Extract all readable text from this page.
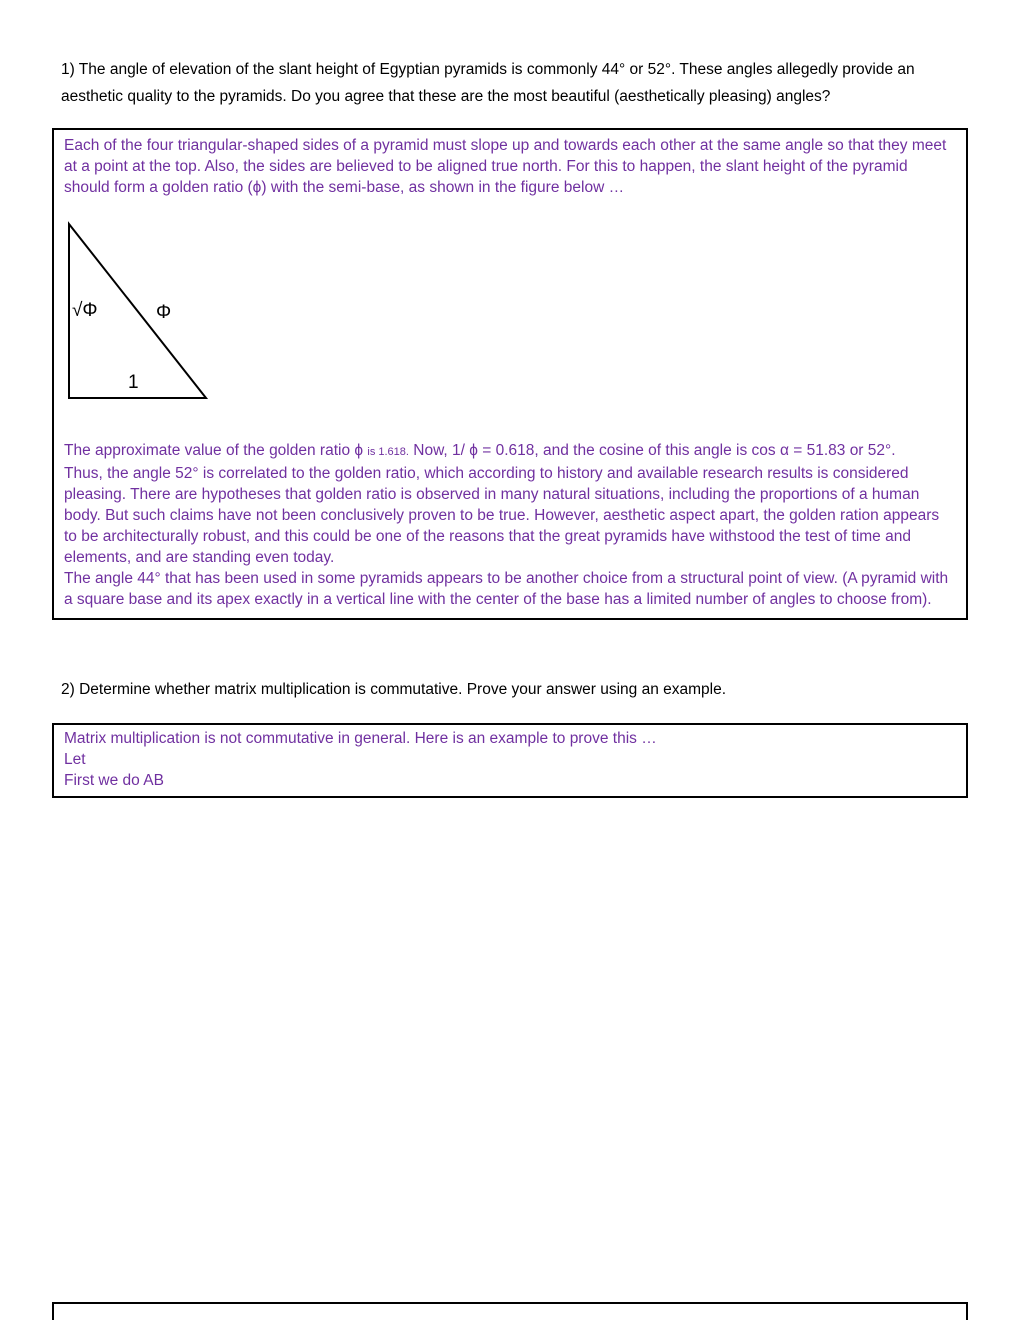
1) The angle of elevation of the slant height of Egyptian pyramids is commonly 44° or 52°. These angles allegedly provide an aesthetic quality to the pyramids. Do you agree that these are the most beautiful (aesthetically pleasing) angles?

Each of the four triangular-shaped sides of a pyramid must slope up and towards each other at the same angle so that they meet at a point at the top. Also, the sides are believed to be aligned true north. For this to happen, the slant height of the pyramid should form a golden ratio (ϕ) with the semi-base, as shown in the figure below …

√Φ	Φ
1

The approximate value of the golden ratio ϕ is 1.618. Now, 1/ ϕ = 0.618, and the cosine of this angle is cos α = 51.83 or 52°.

Thus, the angle 52° is correlated to the golden ratio, which according to history and available research results is considered pleasing. There are hypotheses that golden ratio is observed in many natural situations, including the proportions of a human body. But such claims have not been conclusively proven to be true. However, aesthetic aspect apart, the golden ration appears to be architecturally robust, and this could be one of the reasons that the great pyramids have withstood the test of time and elements, and are standing even today.

The angle 44° that has been used in some pyramids appears to be another choice from a structural point of view. (A pyramid with a square base and its apex exactly in a vertical line with the center of the base has a limited number of angles to choose from).

2) Determine whether matrix multiplication is commutative. Prove your answer using an example.

Matrix multiplication is not commutative in general. Here is an example to prove this …

Let

First we do AB
